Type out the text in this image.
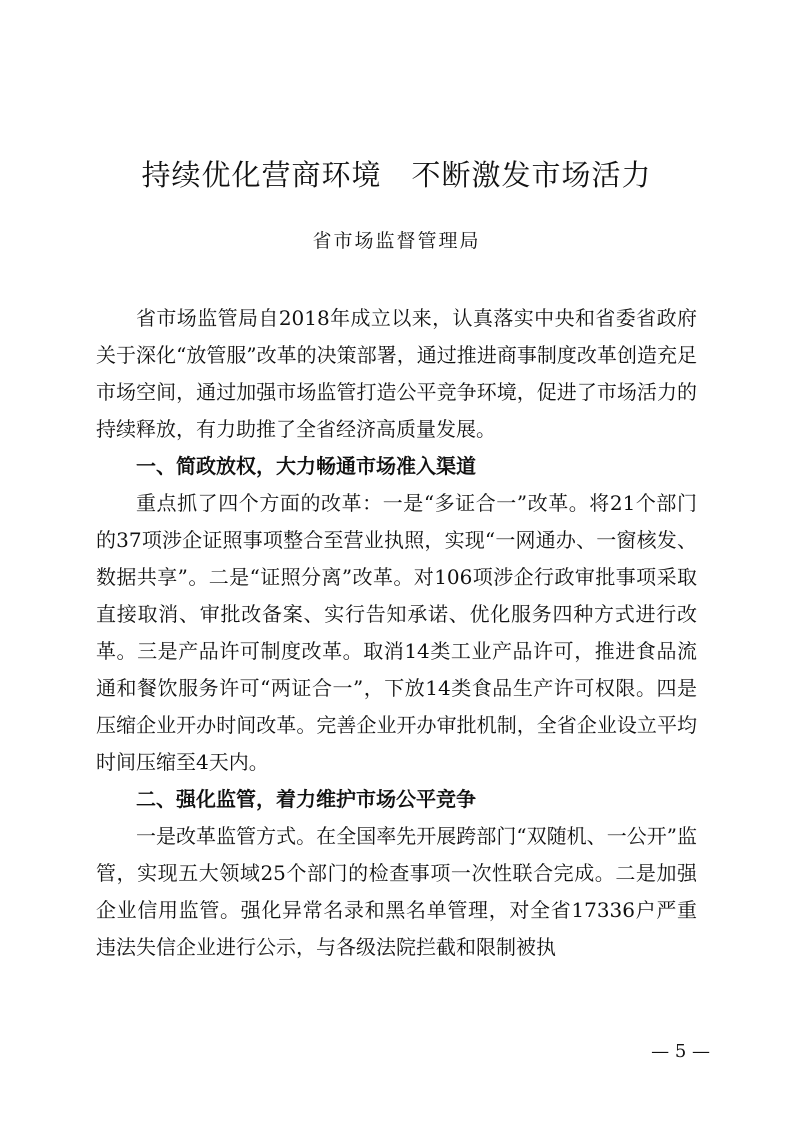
持续优化营商环境　不断激发市场活力
省市场监督管理局

省市场监管局自2018年成立以来，认真落实中央和省委省政府关于深化“放管服”改革的决策部署，通过推进商事制度改革创造充足市场空间，通过加强市场监管打造公平竞争环境，促进了市场活力的持续释放，有力助推了全省经济高质量发展。

一、简政放权，大力畅通市场准入渠道

重点抓了四个方面的改革：一是“多证合一”改革。将21个部门的37项涉企证照事项整合至营业执照，实现“一网通办、一窗核发、数据共享”。二是“证照分离”改革。对106项涉企行政审批事项采取直接取消、审批改备案、实行告知承诺、优化服务四种方式进行改革。三是产品许可制度改革。取消14类工业产品许可，推进食品流通和餐饮服务许可“两证合一”，下放14类食品生产许可权限。四是压缩企业开办时间改革。完善企业开办审批机制，全省企业设立平均时间压缩至4天内。

二、强化监管，着力维护市场公平竞争

一是改革监管方式。在全国率先开展跨部门“双随机、一公开”监管，实现五大领域25个部门的检查事项一次性联合完成。二是加强企业信用监管。强化异常名录和黑名单管理，对全省17336户严重违法失信企业进行公示，与各级法院拦截和限制被执

— 5 —
